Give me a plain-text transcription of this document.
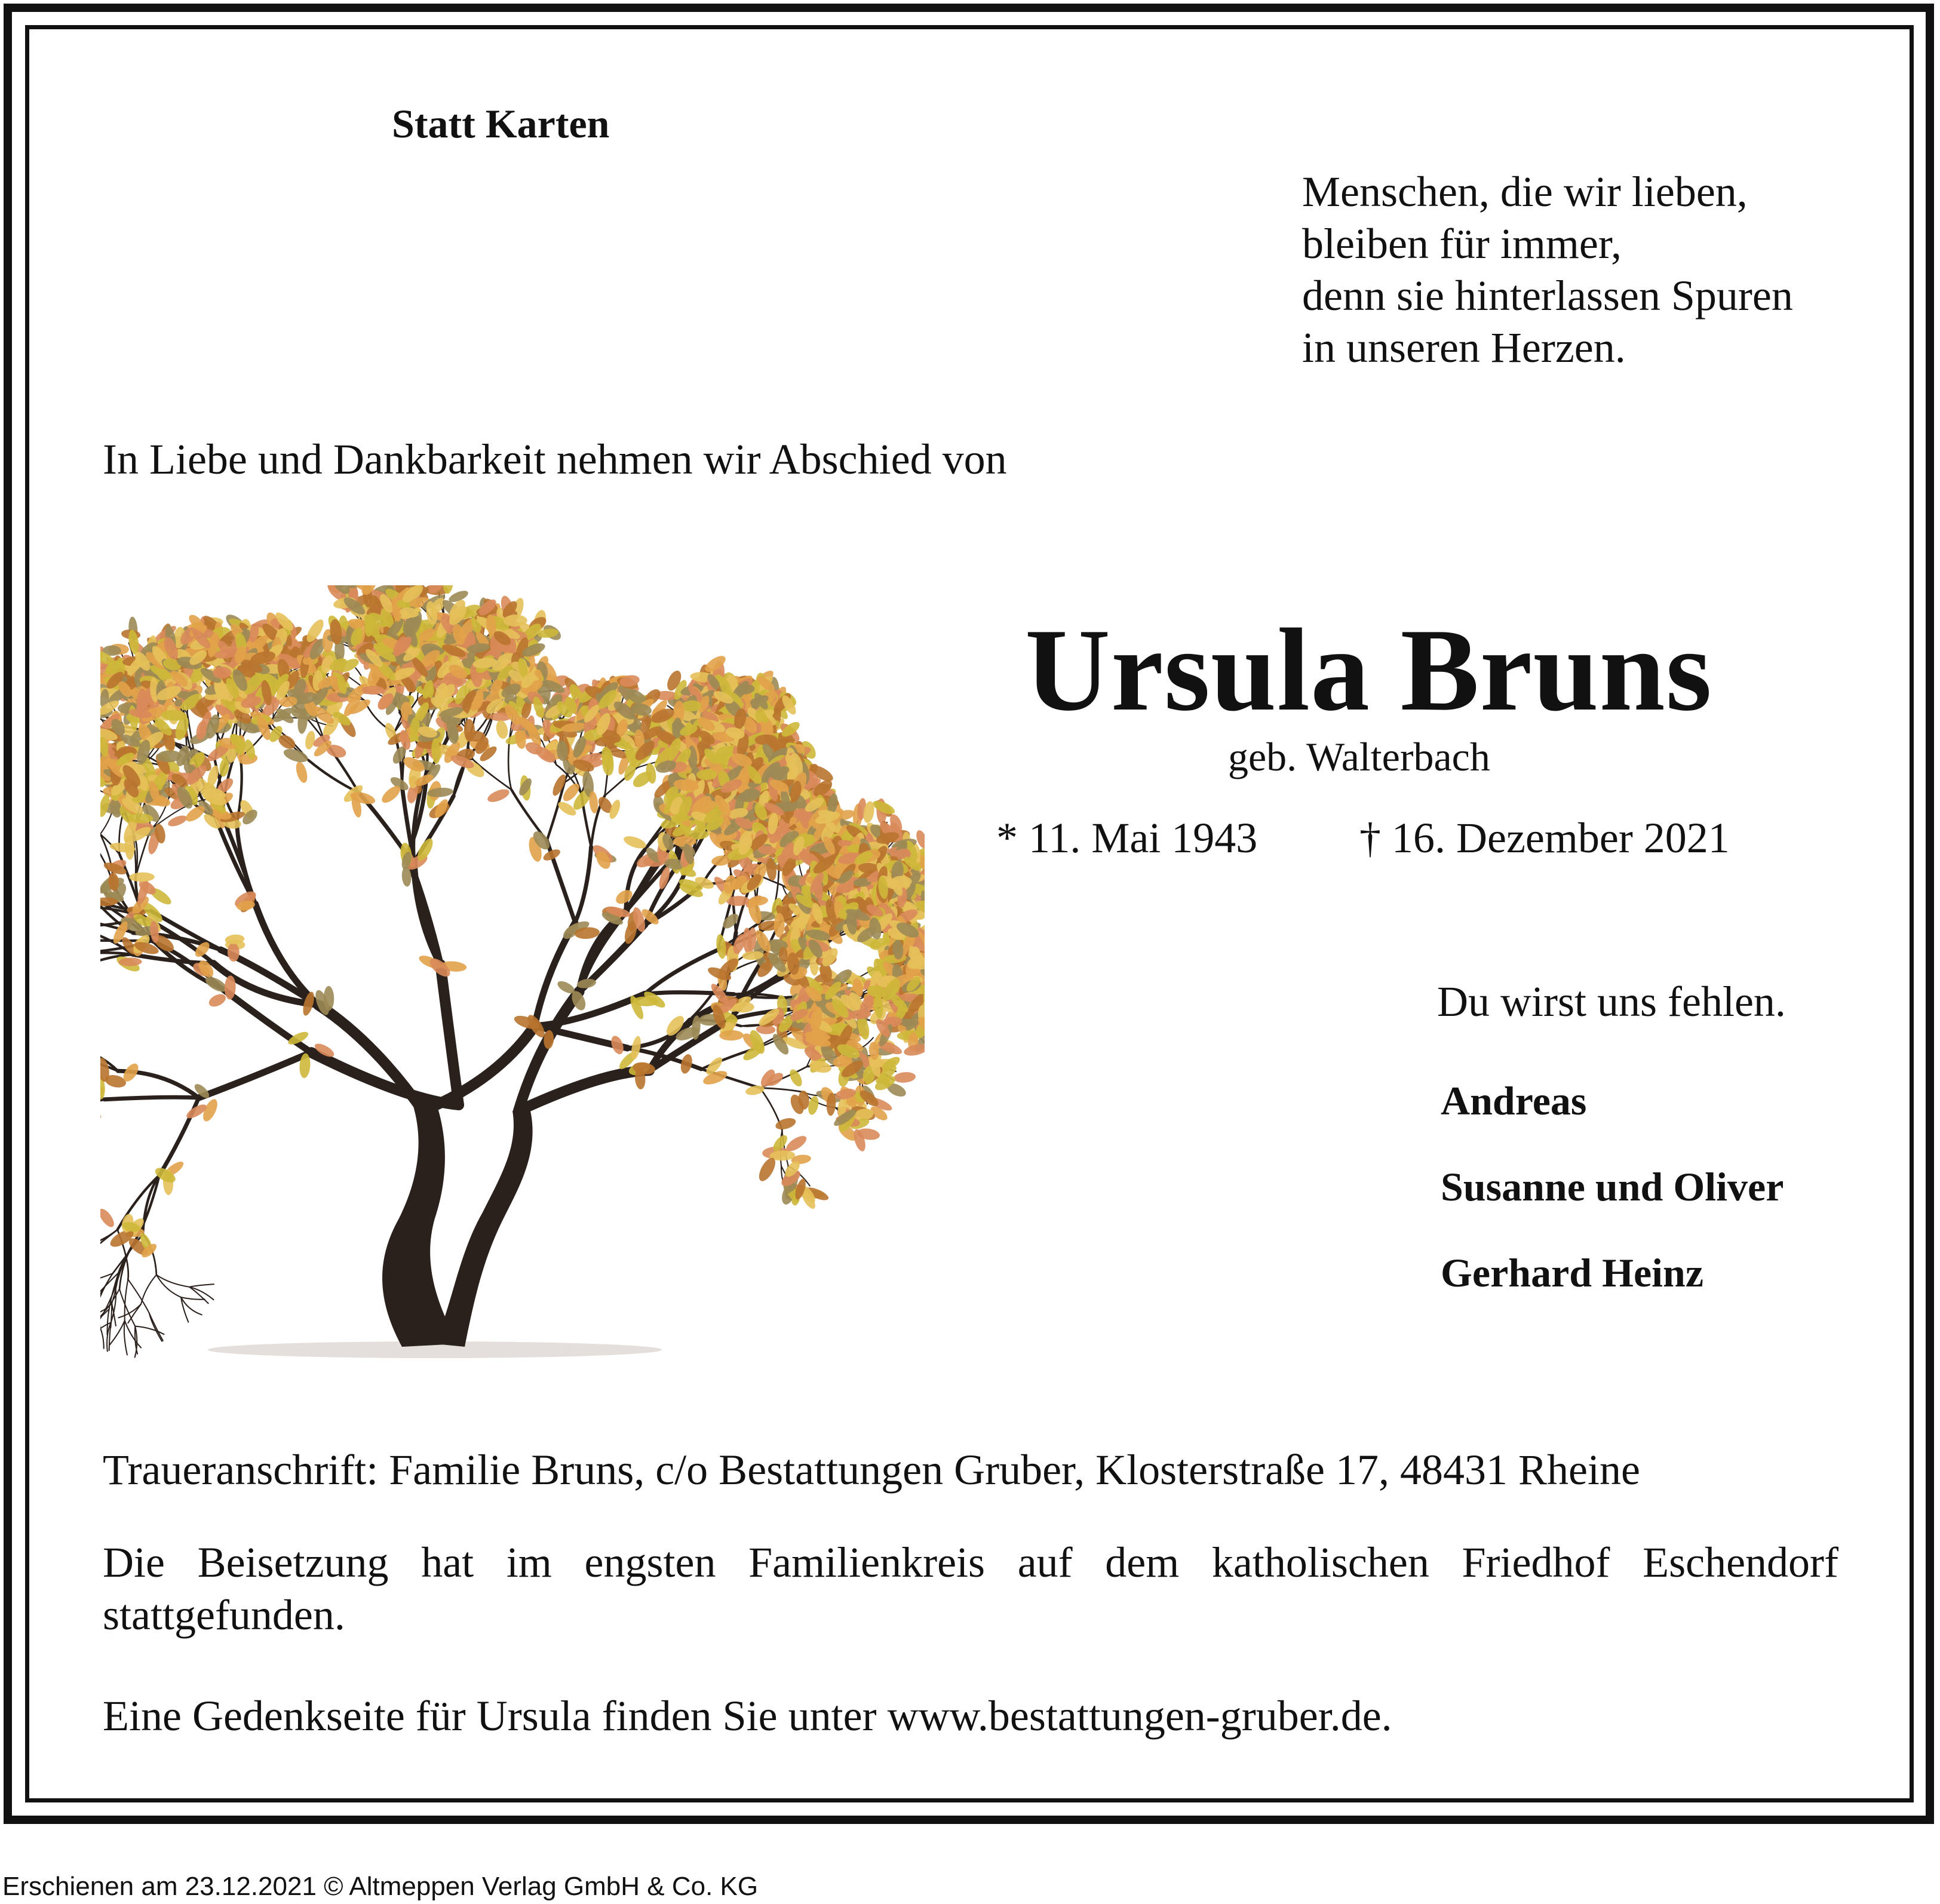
Statt Karten
Menschen, die wir lieben,
bleiben für immer,
denn sie hinterlassen Spuren
in unseren Herzen.
In Liebe und Dankbarkeit nehmen wir Abschied von
Ursula Bruns
geb. Walterbach
* 11. Mai 1943 † 16. Dezember 2021
Du wirst uns fehlen.
Andreas
Susanne und Oliver
Gerhard Heinz
Traueranschrift: Familie Bruns, c/o Bestattungen Gruber, Klosterstraße 17, 48431 Rheine
Die Beisetzung hat im engsten Familienkreis auf dem katholischen Friedhof Eschendorf stattgefunden.
Eine Gedenkseite für Ursula finden Sie unter www.bestattungen-gruber.de.
Erschienen am 23.12.2021 © Altmeppen Verlag GmbH & Co. KG
